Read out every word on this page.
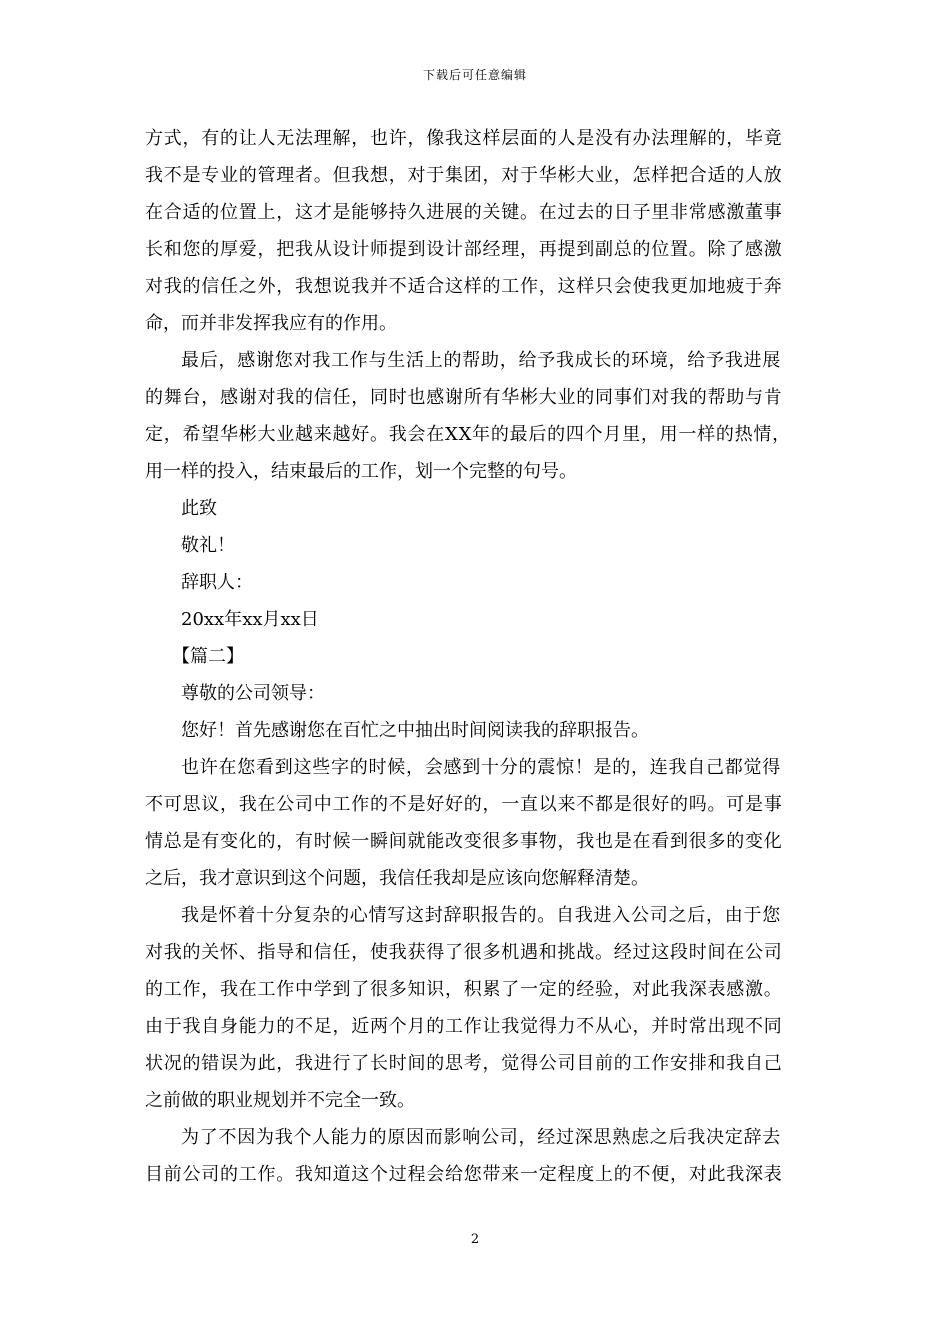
下载后可任意编辑
方式，有的让人无法理解，也许，像我这样层面的人是没有办法理解的，毕竟
我不是专业的管理者。但我想，对于集团，对于华彬大业，怎样把合适的人放
在合适的位置上，这才是能够持久进展的关键。在过去的日子里非常感激董事
长和您的厚爱，把我从设计师提到设计部经理，再提到副总的位置。除了感激
对我的信任之外，我想说我并不适合这样的工作，这样只会使我更加地疲于奔
命，而并非发挥我应有的作用。
最后，感谢您对我工作与生活上的帮助，给予我成长的环境，给予我进展
的舞台，感谢对我的信任，同时也感谢所有华彬大业的同事们对我的帮助与肯
定，希望华彬大业越来越好。我会在XX年的最后的四个月里，用一样的热情，
用一样的投入，结束最后的工作，划一个完整的句号。
此致
敬礼！
辞职人：
20xx年xx月xx日
【篇二】
尊敬的公司领导：
您好！首先感谢您在百忙之中抽出时间阅读我的辞职报告。
也许在您看到这些字的时候，会感到十分的震惊！是的，连我自己都觉得
不可思议，我在公司中工作的不是好好的，一直以来不都是很好的吗。可是事
情总是有变化的，有时候一瞬间就能改变很多事物，我也是在看到很多的变化
之后，我才意识到这个问题，我信任我却是应该向您解释清楚。
我是怀着十分复杂的心情写这封辞职报告的。自我进入公司之后，由于您
对我的关怀、指导和信任，使我获得了很多机遇和挑战。经过这段时间在公司
的工作，我在工作中学到了很多知识，积累了一定的经验，对此我深表感激。
由于我自身能力的不足，近两个月的工作让我觉得力不从心，并时常出现不同
状况的错误为此，我进行了长时间的思考，觉得公司目前的工作安排和我自己
之前做的职业规划并不完全一致。
为了不因为我个人能力的原因而影响公司，经过深思熟虑之后我决定辞去
目前公司的工作。我知道这个过程会给您带来一定程度上的不便，对此我深表
2
